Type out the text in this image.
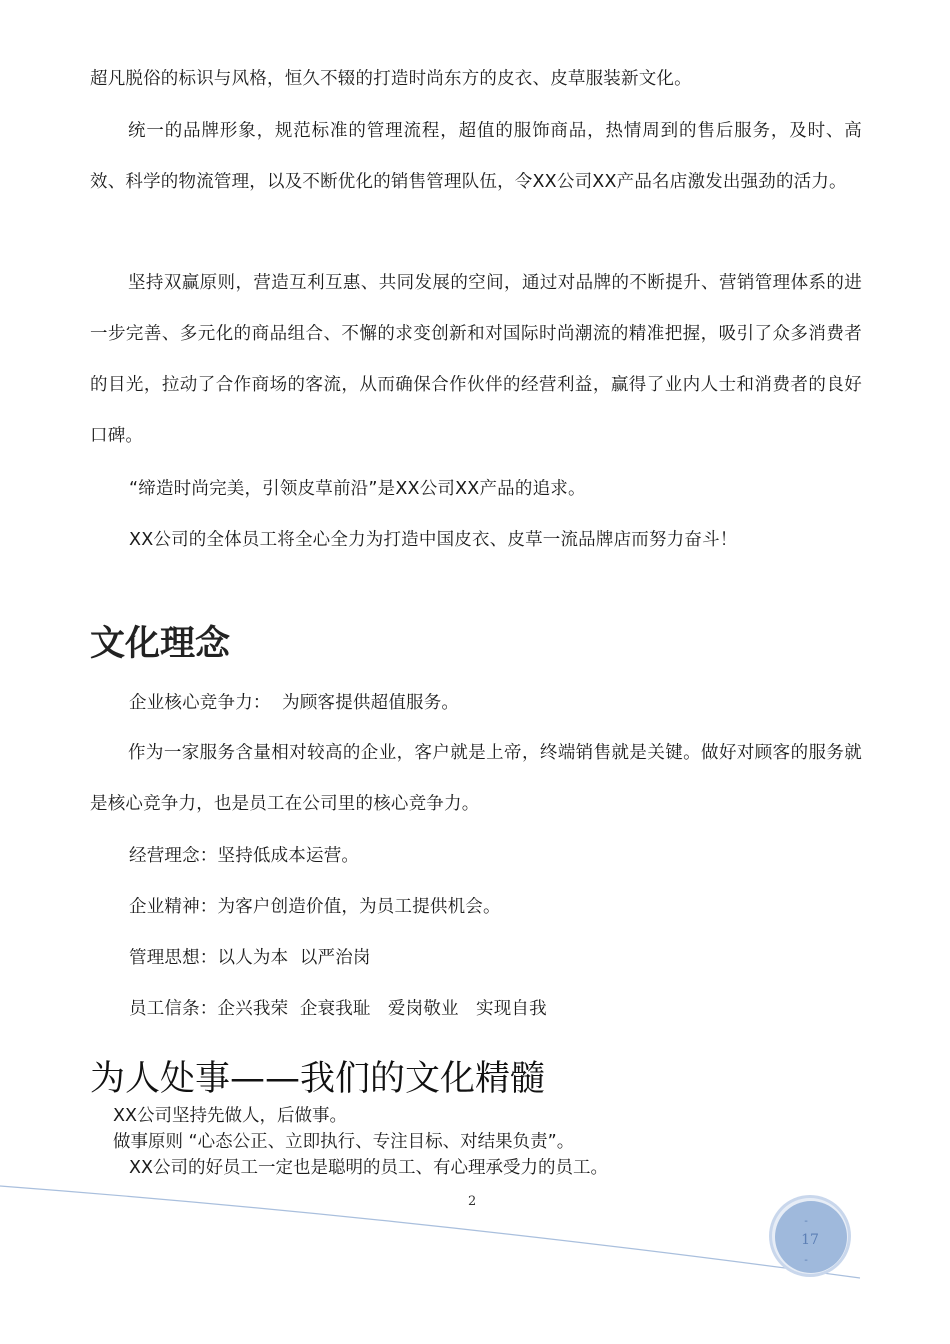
超凡脱俗的标识与风格，恒久不辍的打造时尚东方的皮衣、皮草服装新文化。

统一的品牌形象，规范标准的管理流程，超值的服饰商品，热情周到的售后服务，及时、高效、科学的物流管理，以及不断优化的销售管理队伍，令XX公司XX产品名店激发出强劲的活力。

坚持双赢原则，营造互利互惠、共同发展的空间，通过对品牌的不断提升、营销管理体系的进一步完善、多元化的商品组合、不懈的求变创新和对国际时尚潮流的精准把握，吸引了众多消费者的目光，拉动了合作商场的客流，从而确保合作伙伴的经营利益，赢得了业内人士和消费者的良好口碑。

“缔造时尚完美，引领皮草前沿”是XX公司XX产品的追求。

XX公司的全体员工将全心全力为打造中国皮衣、皮草一流品牌店而努力奋斗！

文化理念

企业核心竞争力：  为顾客提供超值服务。

作为一家服务含量相对较高的企业，客户就是上帝，终端销售就是关键。做好对顾客的服务就是核心竞争力，也是员工在公司里的核心竞争力。

经营理念：坚持低成本运营。

企业精神：为客户创造价值，为员工提供机会。

管理思想：以人为本  以严治岗

员工信条：企兴我荣  企衰我耻   爱岗敬业   实现自我

为人处事——我们的文化精髓

XX公司坚持先做人，后做事。

做事原则 “心态公正、立即执行、专注目标、对结果负责”。

XX公司的好员工一定也是聪明的员工、有心理承受力的员工。

2
-
17
-
